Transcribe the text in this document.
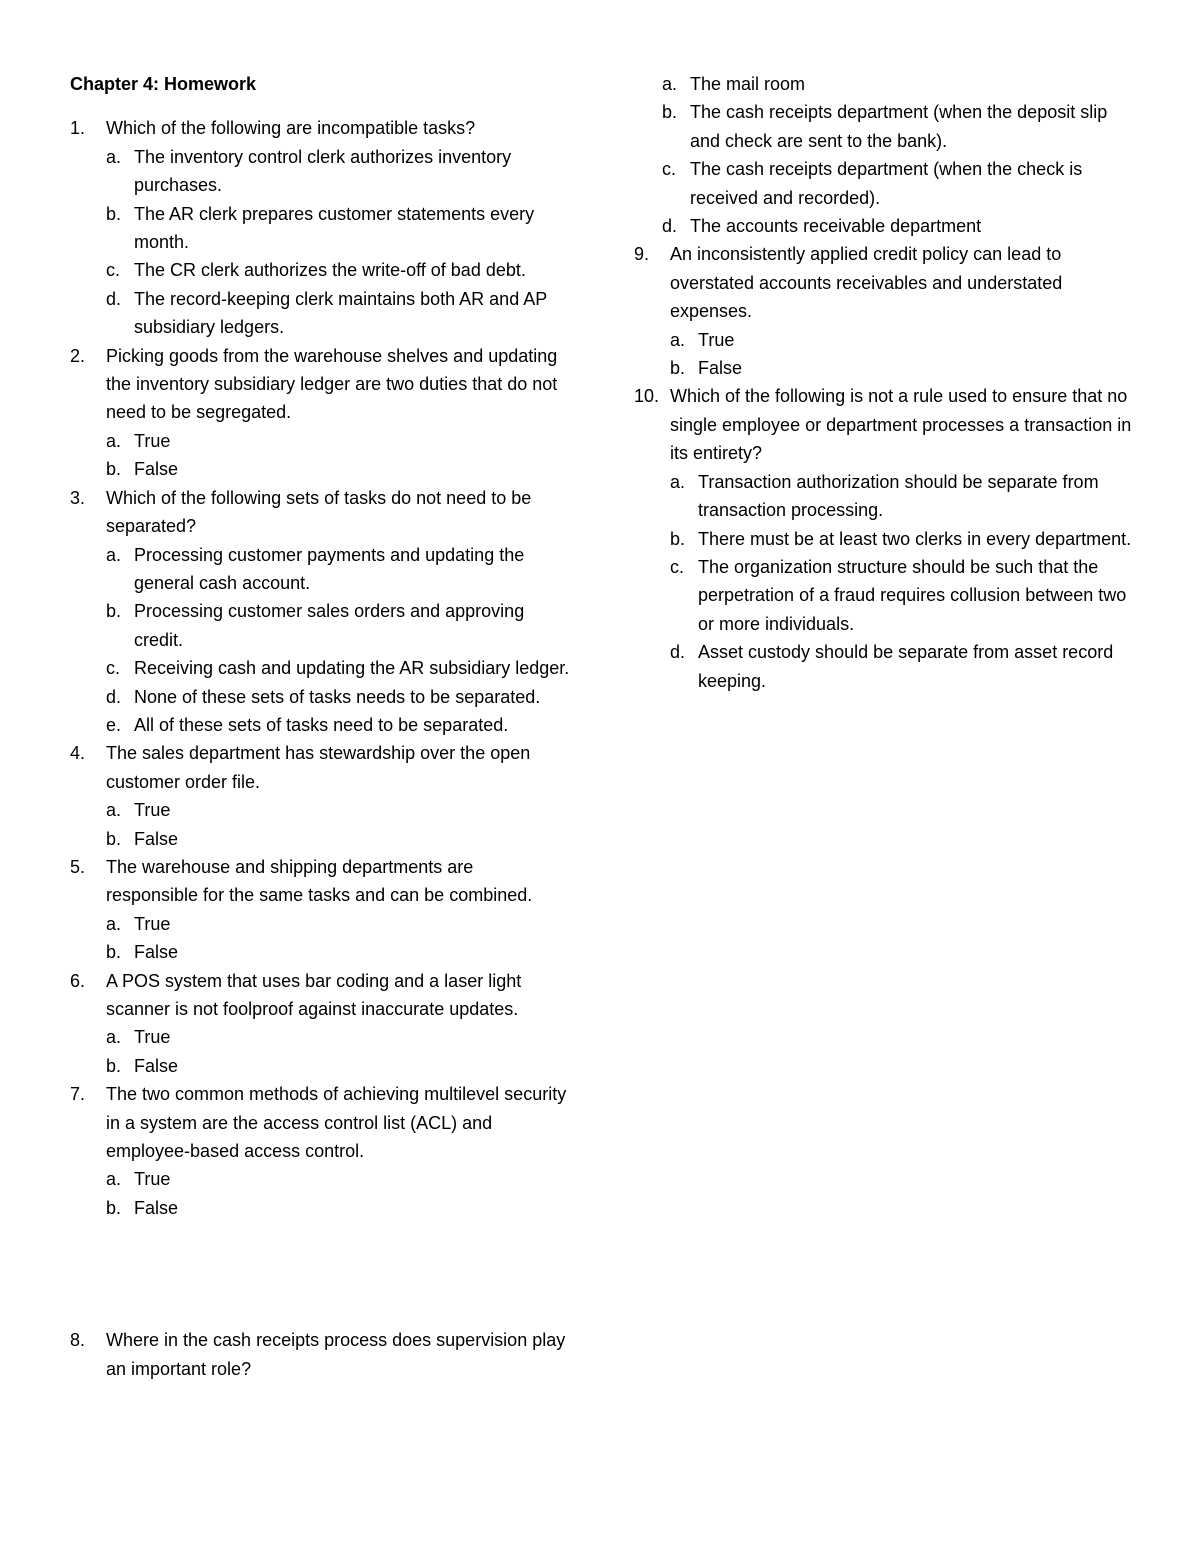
Chapter 4: Homework
1. Which of the following are incompatible tasks?
a. The inventory control clerk authorizes inventory purchases.
b. The AR clerk prepares customer statements every month.
c. The CR clerk authorizes the write-off of bad debt.
d. The record-keeping clerk maintains both AR and AP subsidiary ledgers.
2. Picking goods from the warehouse shelves and updating the inventory subsidiary ledger are two duties that do not need to be segregated.
a. True
b. False
3. Which of the following sets of tasks do not need to be separated?
a. Processing customer payments and updating the general cash account.
b. Processing customer sales orders and approving credit.
c. Receiving cash and updating the AR subsidiary ledger.
d. None of these sets of tasks needs to be separated.
e. All of these sets of tasks need to be separated.
4. The sales department has stewardship over the open customer order file.
a. True
b. False
5. The warehouse and shipping departments are responsible for the same tasks and can be combined.
a. True
b. False
6. A POS system that uses bar coding and a laser light scanner is not foolproof against inaccurate updates.
a. True
b. False
7. The two common methods of achieving multilevel security in a system are the access control list (ACL) and employee-based access control.
a. True
b. False
8. Where in the cash receipts process does supervision play an important role?
a. The mail room
b. The cash receipts department (when the deposit slip and check are sent to the bank).
c. The cash receipts department (when the check is received and recorded).
d. The accounts receivable department
9. An inconsistently applied credit policy can lead to overstated accounts receivables and understated expenses.
a. True
b. False
10. Which of the following is not a rule used to ensure that no single employee or department processes a transaction in its entirety?
a. Transaction authorization should be separate from transaction processing.
b. There must be at least two clerks in every department.
c. The organization structure should be such that the perpetration of a fraud requires collusion between two or more individuals.
d. Asset custody should be separate from asset record keeping.
